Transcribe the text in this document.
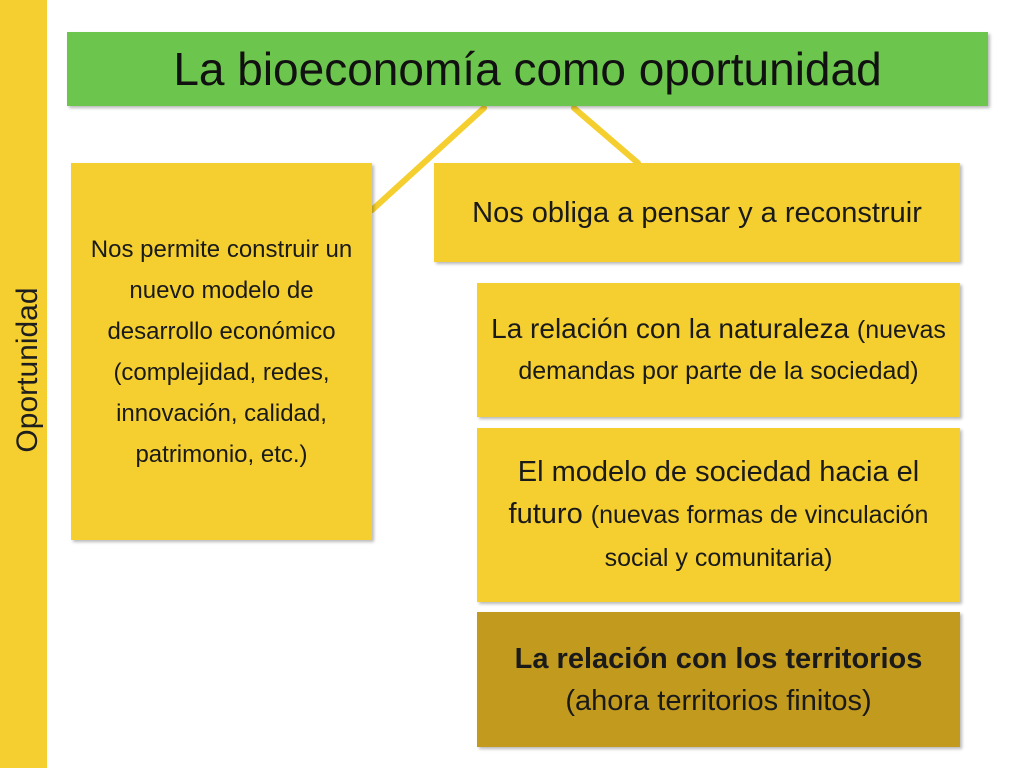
Oportunidad
La bioeconomía como oportunidad
Nos permite construir un nuevo modelo de desarrollo económico (complejidad, redes, innovación, calidad, patrimonio, etc.)
Nos obliga a pensar y a reconstruir
La relación con la naturaleza (nuevas demandas por parte de la sociedad)
El modelo de sociedad hacia el futuro (nuevas formas de vinculación social y comunitaria)
La relación con los territorios (ahora territorios finitos)
